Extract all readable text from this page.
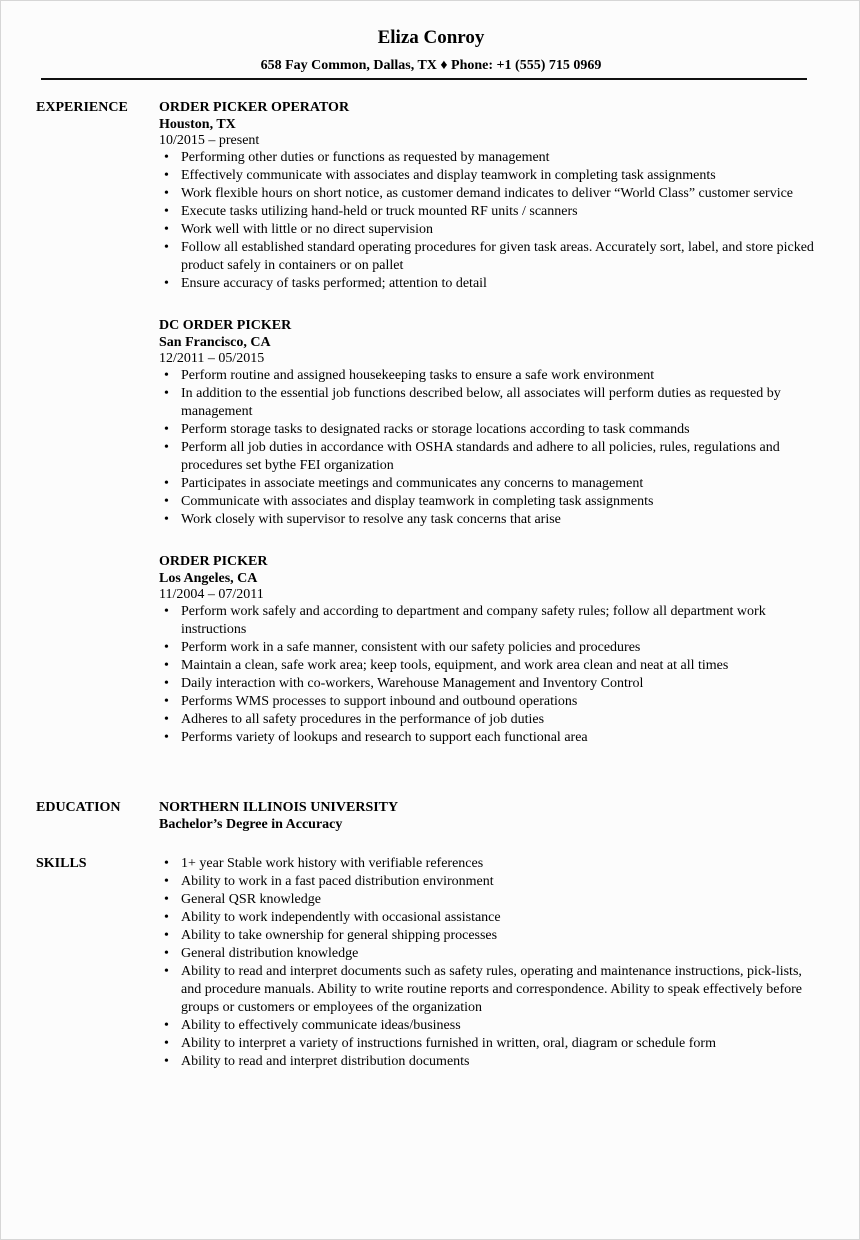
Eliza Conroy
658 Fay Common, Dallas, TX ♦ Phone: +1 (555) 715 0969
EXPERIENCE ORDER PICKER OPERATOR
Houston, TX
10/2015 – present
• Performing other duties or functions as requested by management
• Effectively communicate with associates and display teamwork in completing task assignments
• Work flexible hours on short notice, as customer demand indicates to deliver “World Class” customer service
• Execute tasks utilizing hand-held or truck mounted RF units / scanners
• Work well with little or no direct supervision
• Follow all established standard operating procedures for given task areas. Accurately sort, label, and store picked product safely in containers or on pallet
• Ensure accuracy of tasks performed; attention to detail
DC ORDER PICKER
San Francisco, CA
12/2011 – 05/2015
• Perform routine and assigned housekeeping tasks to ensure a safe work environment
• In addition to the essential job functions described below, all associates will perform duties as requested by management
• Perform storage tasks to designated racks or storage locations according to task commands
• Perform all job duties in accordance with OSHA standards and adhere to all policies, rules, regulations and procedures set bythe FEI organization
• Participates in associate meetings and communicates any concerns to management
• Communicate with associates and display teamwork in completing task assignments
• Work closely with supervisor to resolve any task concerns that arise
ORDER PICKER
Los Angeles, CA
11/2004 – 07/2011
• Perform work safely and according to department and company safety rules; follow all department work instructions
• Perform work in a safe manner, consistent with our safety policies and procedures
• Maintain a clean, safe work area; keep tools, equipment, and work area clean and neat at all times
• Daily interaction with co-workers, Warehouse Management and Inventory Control
• Performs WMS processes to support inbound and outbound operations
• Adheres to all safety procedures in the performance of job duties
• Performs variety of lookups and research to support each functional area
EDUCATION	NORTHERN ILLINOIS UNIVERSITY
Bachelor’s Degree in Accuracy
SKILLS	• 1+ year Stable work history with verifiable references
• Ability to work in a fast paced distribution environment
• General QSR knowledge
• Ability to work independently with occasional assistance
• Ability to take ownership for general shipping processes
• General distribution knowledge
• Ability to read and interpret documents such as safety rules, operating and maintenance instructions, pick-lists, and procedure manuals. Ability to write routine reports and correspondence. Ability to speak effectively before groups or customers or employees of the organization
• Ability to effectively communicate ideas/business
• Ability to interpret a variety of instructions furnished in written, oral, diagram or schedule form
• Ability to read and interpret distribution documents
